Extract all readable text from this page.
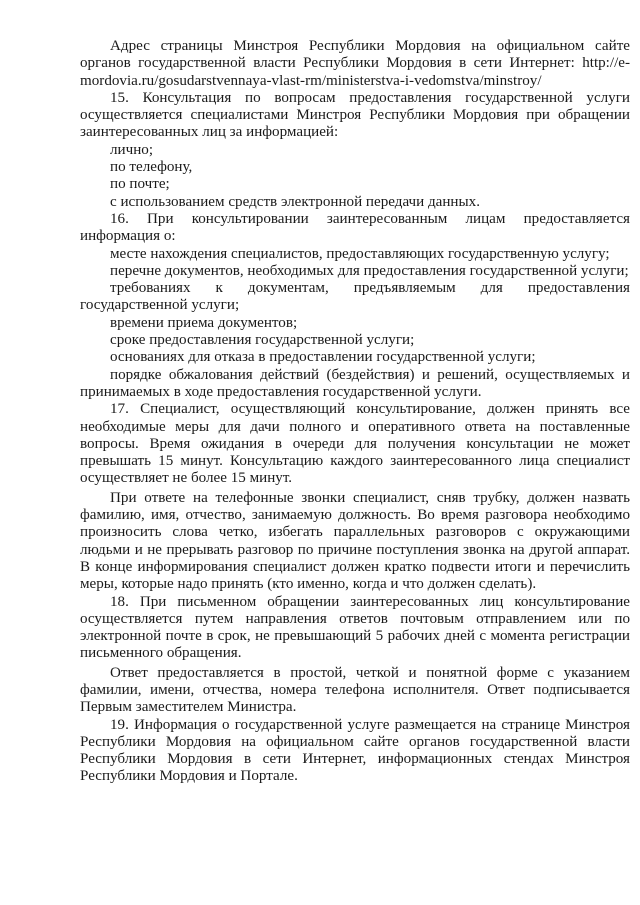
Адрес страницы Минстроя Республики Мордовия на официальном сайте органов государственной власти Республики Мордовия в сети Интернет: http://e-mordovia.ru/gosudarstvennaya-vlast-rm/ministerstva-i-vedomstva/minstroy/

15. Консультация по вопросам предоставления государственной услуги осуществляется специалистами Минстроя Республики Мордовия при обращении заинтересованных лиц за информацией:

лично;

по телефону,

по почте;

с использованием средств электронной передачи данных.

16. При консультировании заинтересованным лицам предоставляется информация о:

месте нахождения специалистов, предоставляющих государственную услугу;

перечне документов, необходимых для предоставления государственной услуги;

требованиях к документам, предъявляемым для предоставления государственной услуги;

времени приема документов;

сроке предоставления государственной услуги;

основаниях для отказа в предоставлении государственной услуги;

порядке обжалования действий (бездействия) и решений, осуществляемых и принимаемых в ходе предоставления государственной услуги.

17. Специалист, осуществляющий консультирование, должен принять все необходимые меры для дачи полного и оперативного ответа на поставленные вопросы. Время ожидания в очереди для получения консультации не может превышать 15 минут. Консультацию каждого заинтересованного лица специалист осуществляет не более 15 минут.

При ответе на телефонные звонки специалист, сняв трубку, должен назвать фамилию, имя, отчество, занимаемую должность. Во время разговора необходимо произносить слова четко, избегать параллельных разговоров с окружающими людьми и не прерывать разговор по причине поступления звонка на другой аппарат. В конце информирования специалист должен кратко подвести итоги и перечислить меры, которые надо принять (кто именно, когда и что должен сделать).

18. При письменном обращении заинтересованных лиц консультирование осуществляется путем направления ответов почтовым отправлением или по электронной почте в срок, не превышающий 5 рабочих дней с момента регистрации письменного обращения.

Ответ предоставляется в простой, четкой и понятной форме с указанием фамилии, имени, отчества, номера телефона исполнителя. Ответ подписывается Первым заместителем Министра.

19. Информация о государственной услуге размещается на странице Минстроя Республики Мордовия на официальном сайте органов государственной власти Республики Мордовия в сети Интернет, информационных стендах Минстроя Республики Мордовия и Портале.
